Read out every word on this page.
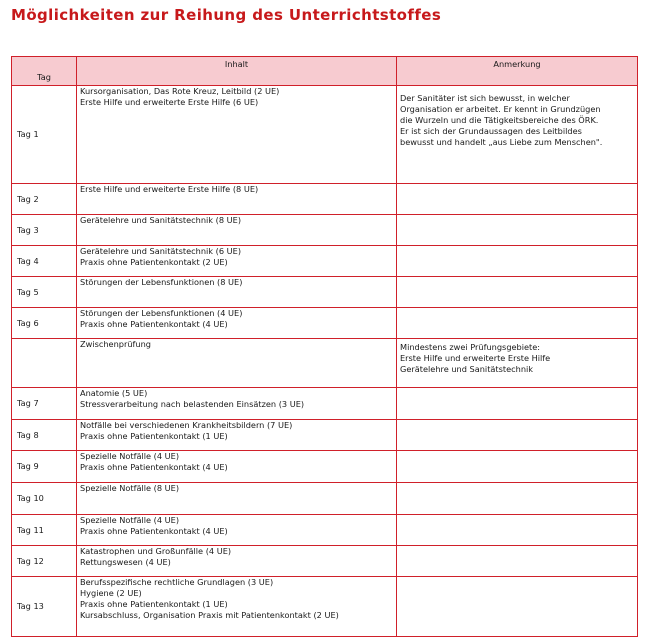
Möglichkeiten zur Reihung des Unterrichtstoffes
Tag	Inhalt	Anmerkung
Tag 1	Kursorganisation, Das Rote Kreuz, Leitbild (2 UE)
Erste Hilfe und erweiterte Erste Hilfe (6 UE)	Der Sanitäter ist sich bewusst, in welcher
Organisation er arbeitet. Er kennt in Grundzügen
die Wurzeln und die Tätigkeitsbereiche des ÖRK.
Er ist sich der Grundaussagen des Leitbildes
bewusst und handelt „aus Liebe zum Menschen".

Tag 2	Erste Hilfe und erweiterte Erste Hilfe (8 UE)	

Tag 3	Gerätelehre und Sanitätstechnik (8 UE)	

Tag 4	Gerätelehre und Sanitätstechnik (6 UE)
Praxis ohne Patientenkontakt (2 UE)	

Tag 5	Störungen der Lebensfunktionen (8 UE)	

Tag 6	Störungen der Lebensfunktionen (4 UE)
Praxis ohne Patientenkontakt (4 UE)	

	Zwischenprüfung	Mindestens zwei Prüfungsgebiete:
Erste Hilfe und erweiterte Erste Hilfe
Gerätelehre und Sanitätstechnik

Tag 7	Anatomie (5 UE)
Stressverarbeitung nach belastenden Einsätzen (3 UE)	

Tag 8	Notfälle bei verschiedenen Krankheitsbildern (7 UE)
Praxis ohne Patientenkontakt (1 UE)	

Tag 9	Spezielle Notfälle (4 UE)
Praxis ohne Patientenkontakt (4 UE)	

Tag 10	Spezielle Notfälle (8 UE)	

Tag 11	Spezielle Notfälle (4 UE)
Praxis ohne Patientenkontakt (4 UE)	

Tag 12	Katastrophen und Großunfälle (4 UE)
Rettungswesen (4 UE)	

Tag 13	Berufsspezifische rechtliche Grundlagen (3 UE)
Hygiene (2 UE)
Praxis ohne Patientenkontakt (1 UE)
Kursabschluss, Organisation Praxis mit Patientenkontakt (2 UE)	
